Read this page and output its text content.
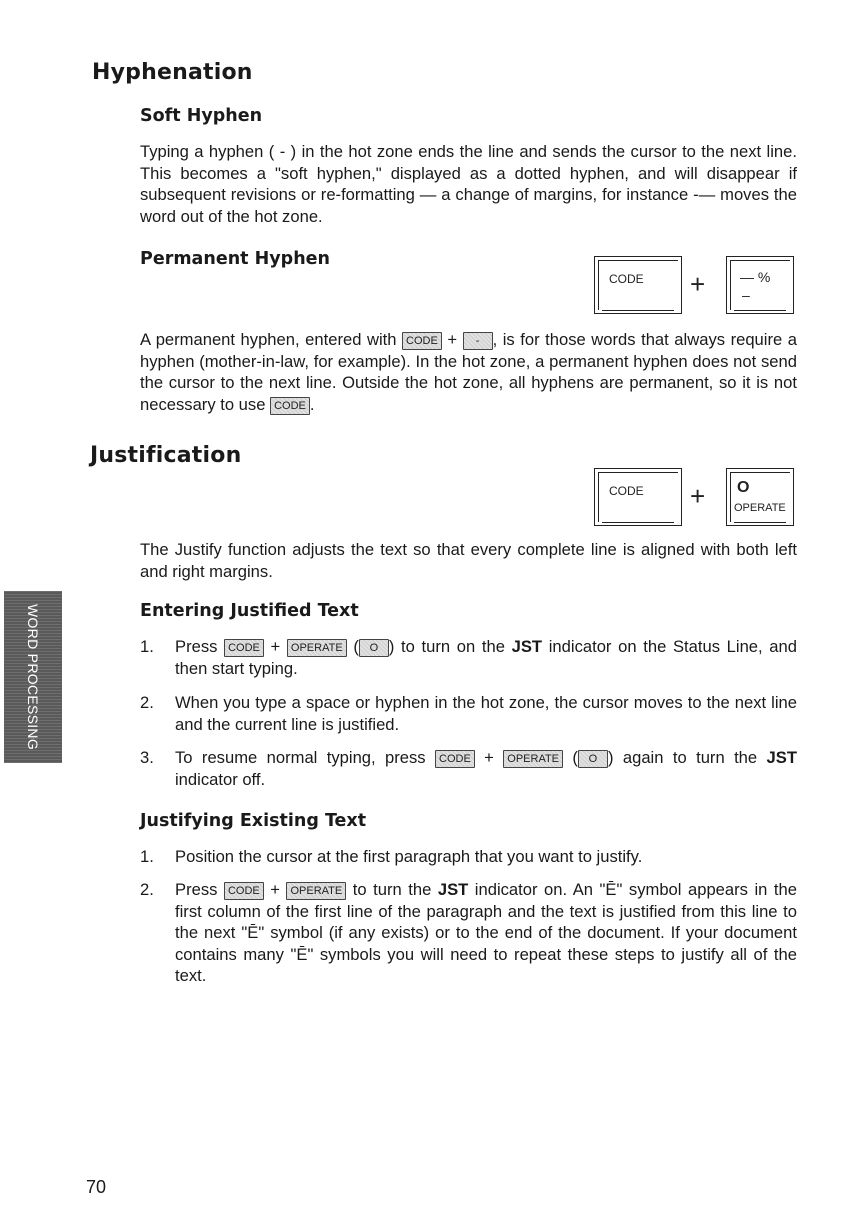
Hyphenation
Soft Hyphen
Typing a hyphen ( - ) in the hot zone ends the line and sends the cursor to the next line. This becomes a "soft hyphen," displayed as a dotted hyphen, and will disappear if subsequent revisions or re-formatting — a change of margins, for instance -— moves the word out of the hot zone.
Permanent Hyphen
CODE + — %
–
A permanent hyphen, entered with CODE + - , is for those words that always require a hyphen (mother-in-law, for example). In the hot zone, a permanent hyphen does not send the cursor to the next line. Outside the hot zone, all hyphens are permanent, so it is not necessary to use CODE .
Justification
CODE + O
OPERATE
The Justify function adjusts the text so that every complete line is aligned with both left and right margins.
Entering Justified Text
1. Press CODE + OPERATE ( O ) to turn on the JST indicator on the Status Line, and then start typing.
2. When you type a space or hyphen in the hot zone, the cursor moves to the next line and the current line is justified.
3. To resume normal typing, press CODE + OPERATE ( O ) again to turn the JST indicator off.
Justifying Existing Text
1. Position the cursor at the first paragraph that you want to justify.
2. Press CODE + OPERATE to turn the JST indicator on. An "Ē" symbol appears in the first column of the first line of the paragraph and the text is justified from this line to the next "Ē" symbol (if any exists) or to the end of the document. If your document contains many "Ē" symbols you will need to repeat these steps to justify all of the text.
WORD PROCESSING
70
